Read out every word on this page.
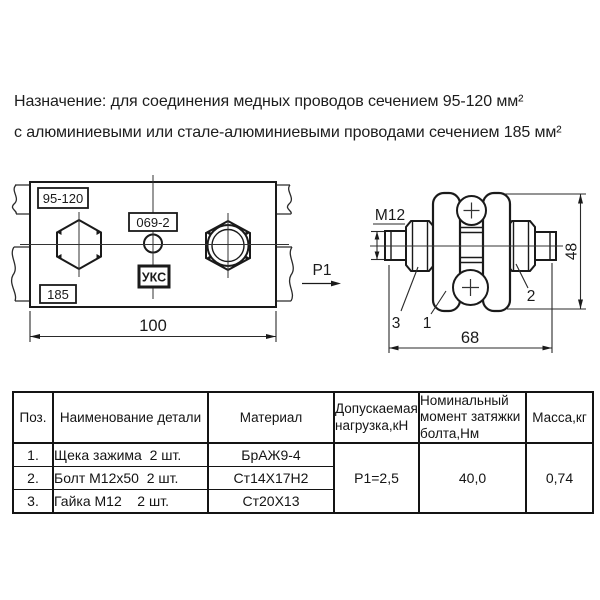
Назначение: для соединения медных проводов сечением 95-120 мм²
с алюминиевыми или стале-алюминиевыми проводами сечением 185 мм²
95-120
069-2
УКС
185
100
Р1
М12
48
68
3 1
2
Поз.	Наименование детали	Материал	Допускаемая нагрузка,кН	Номинальный момент затяжки болта,Нм	Масса,кг
1.	Щека зажима  2 шт.	БрАЖ9-4	Р1=2,5	40,0	0,74
2.	Болт М12х50  2 шт.	Ст14Х17Н2			
3.	Гайка М12    2 шт.	Ст20Х13			
